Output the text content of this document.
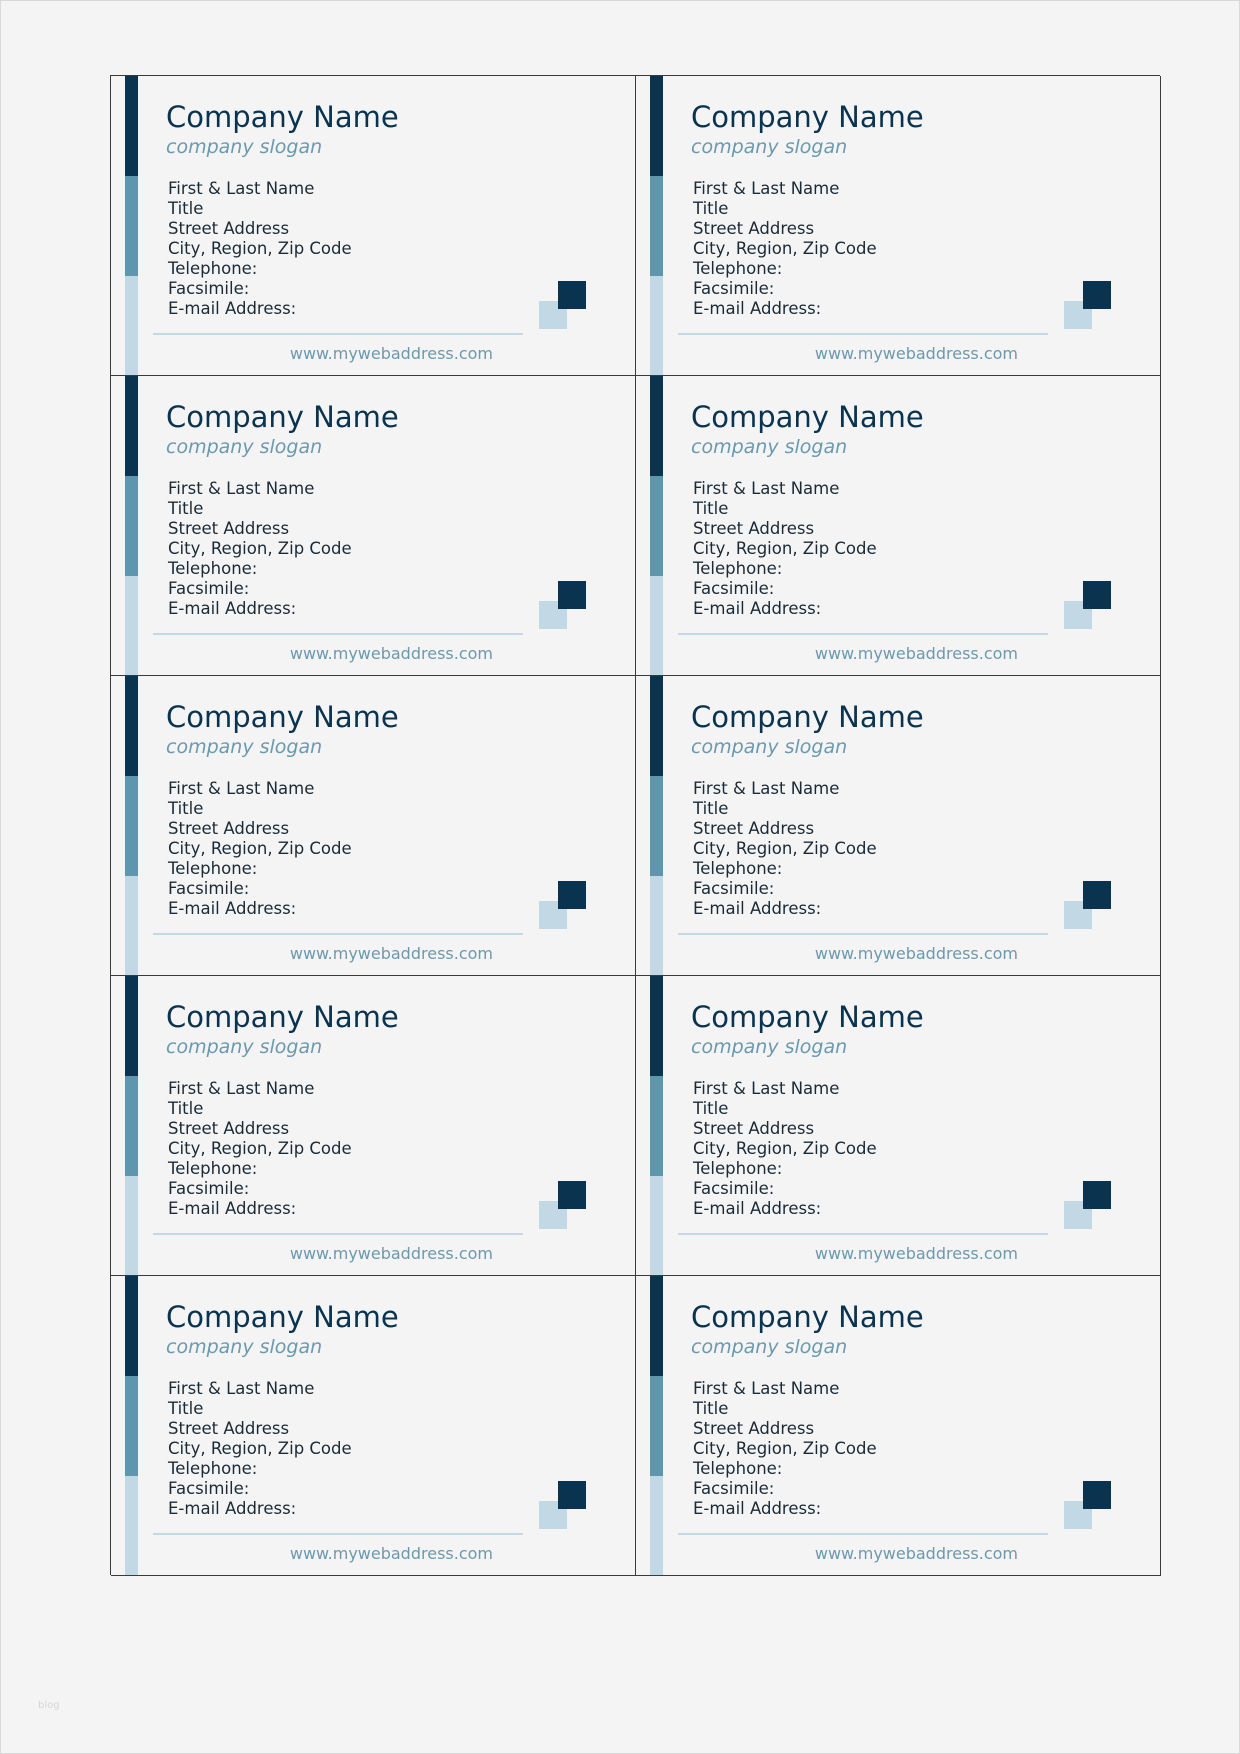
Company Name
company slogan
First & Last Name
Title
Street Address
City, Region, Zip Code
Telephone:
Facsimile:
E-mail Address:
www.mywebaddress.com
Company Name
company slogan
First & Last Name
Title
Street Address
City, Region, Zip Code
Telephone:
Facsimile:
E-mail Address:
www.mywebaddress.com
Company Name
company slogan
First & Last Name
Title
Street Address
City, Region, Zip Code
Telephone:
Facsimile:
E-mail Address:
www.mywebaddress.com
Company Name
company slogan
First & Last Name
Title
Street Address
City, Region, Zip Code
Telephone:
Facsimile:
E-mail Address:
www.mywebaddress.com
Company Name
company slogan
First & Last Name
Title
Street Address
City, Region, Zip Code
Telephone:
Facsimile:
E-mail Address:
www.mywebaddress.com
Company Name
company slogan
First & Last Name
Title
Street Address
City, Region, Zip Code
Telephone:
Facsimile:
E-mail Address:
www.mywebaddress.com
Company Name
company slogan
First & Last Name
Title
Street Address
City, Region, Zip Code
Telephone:
Facsimile:
E-mail Address:
www.mywebaddress.com
Company Name
company slogan
First & Last Name
Title
Street Address
City, Region, Zip Code
Telephone:
Facsimile:
E-mail Address:
www.mywebaddress.com
Company Name
company slogan
First & Last Name
Title
Street Address
City, Region, Zip Code
Telephone:
Facsimile:
E-mail Address:
www.mywebaddress.com
Company Name
company slogan
First & Last Name
Title
Street Address
City, Region, Zip Code
Telephone:
Facsimile:
E-mail Address:
www.mywebaddress.com
blog
